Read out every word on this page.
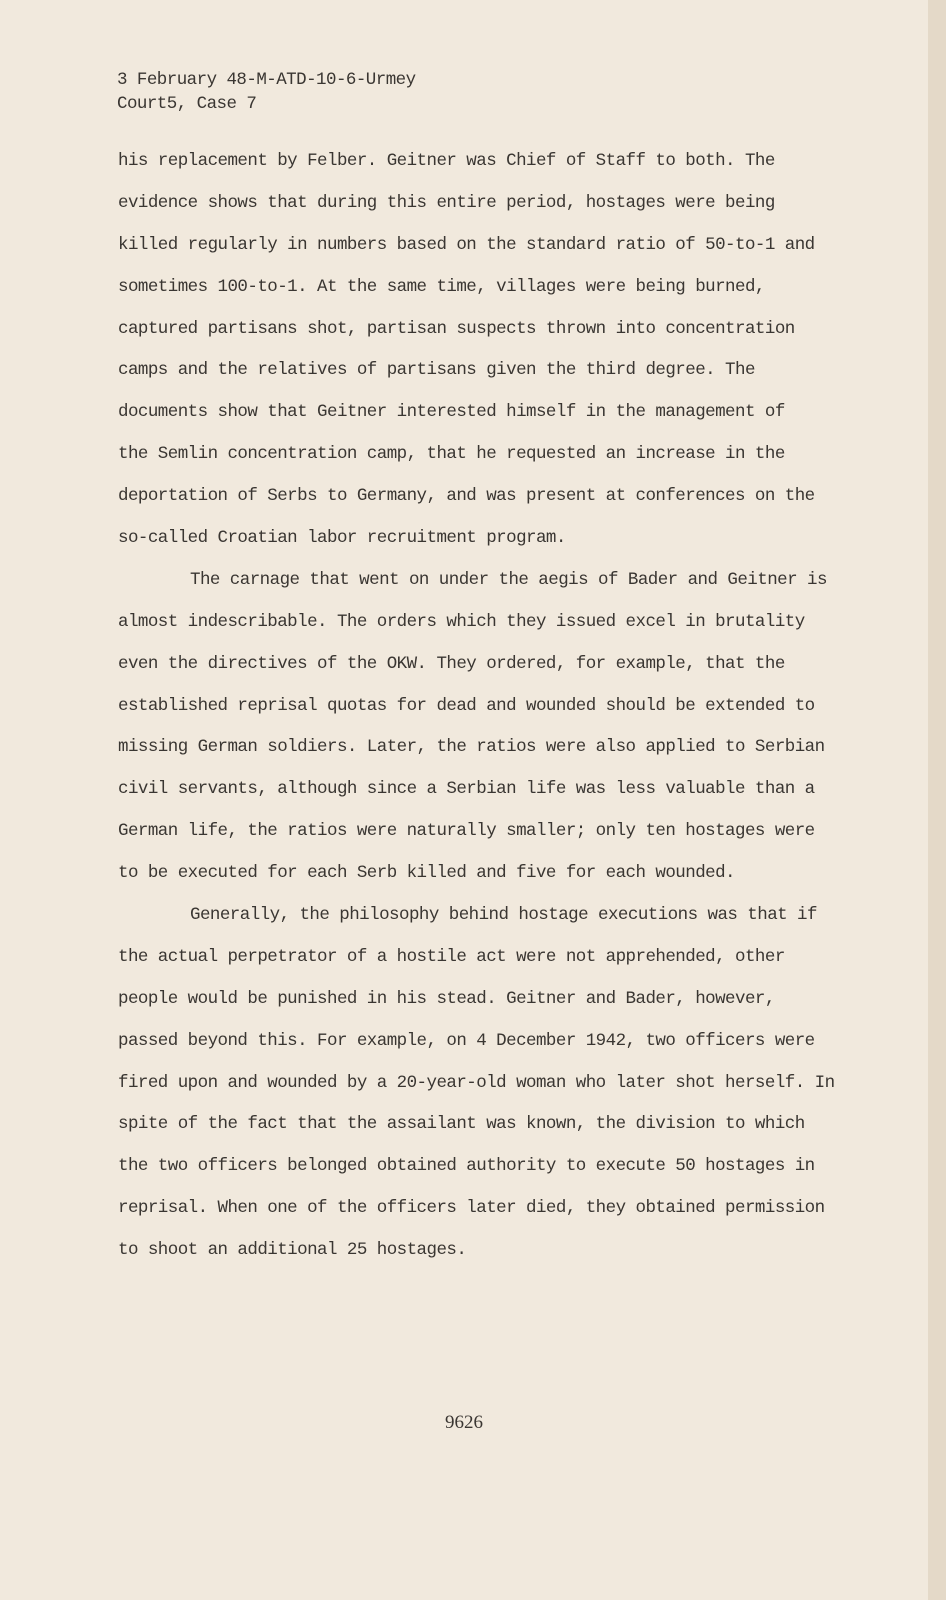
3 February 48-M-ATD-10-6-Urmey
Court5, Case 7
his replacement by Felber. Geitner was Chief of Staff to both. The
evidence shows that during this entire period, hostages were being
killed regularly in numbers based on the standard ratio of 50-to-1 and
sometimes 100-to-1. At the same time, villages were being burned,
captured partisans shot, partisan suspects thrown into concentration
camps and the relatives of partisans given the third degree. The
documents show that Geitner interested himself in the management of
the Semlin concentration camp, that he requested an increase in the
deportation of Serbs to Germany, and was present at conferences on the
so-called Croatian labor recruitment program.
The carnage that went on under the aegis of Bader and Geitner is
almost indescribable. The orders which they issued excel in brutality
even the directives of the OKW. They ordered, for example, that the
established reprisal quotas for dead and wounded should be extended to
missing German soldiers. Later, the ratios were also applied to Serbian
civil servants, although since a Serbian life was less valuable than a
German life, the ratios were naturally smaller; only ten hostages were
to be executed for each Serb killed and five for each wounded.
Generally, the philosophy behind hostage executions was that if
the actual perpetrator of a hostile act were not apprehended, other
people would be punished in his stead. Geitner and Bader, however,
passed beyond this. For example, on 4 December 1942, two officers were
fired upon and wounded by a 20-year-old woman who later shot herself. In
spite of the fact that the assailant was known, the division to which
the two officers belonged obtained authority to execute 50 hostages in
reprisal. When one of the officers later died, they obtained permission
to shoot an additional 25 hostages.
9626
